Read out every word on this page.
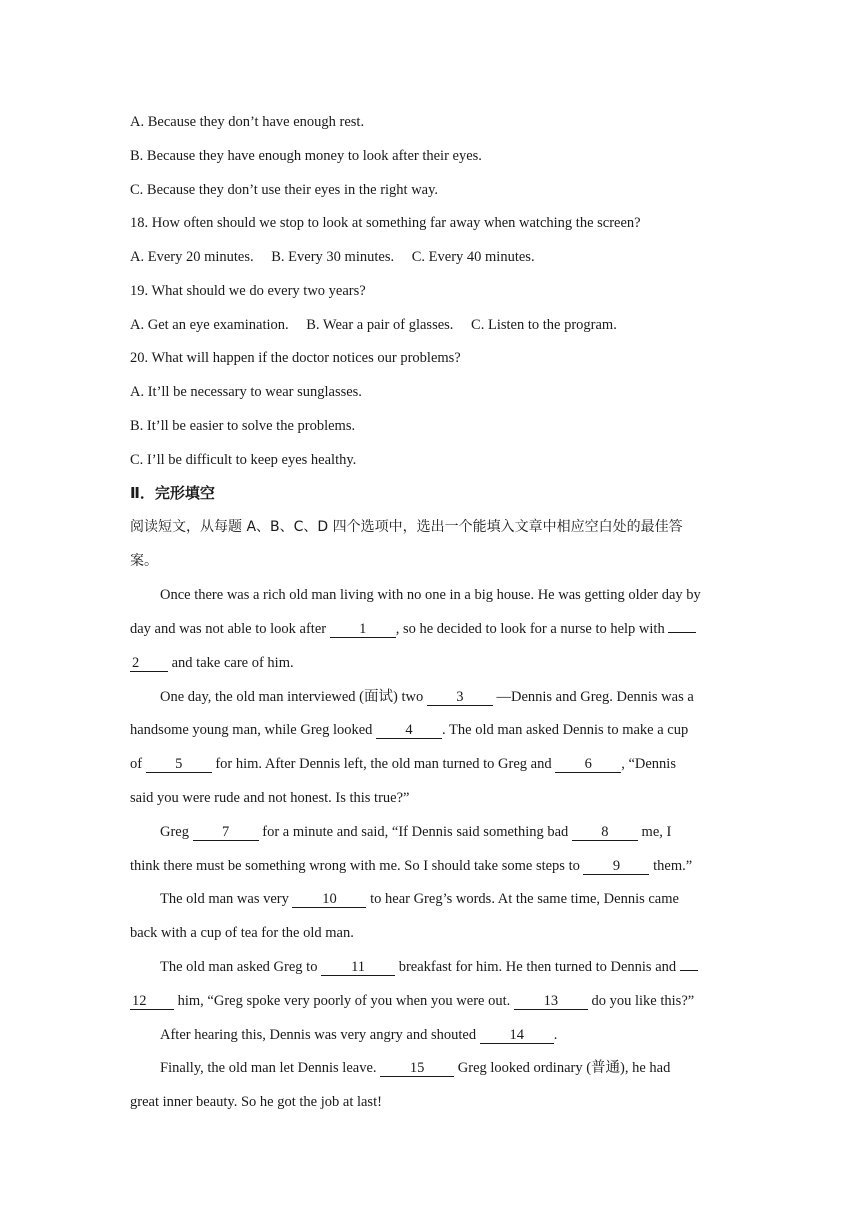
A. Because they don’t have enough rest.
B. Because they have enough money to look after their eyes.
C. Because they don’t use their eyes in the right way.
18. How often should we stop to look at something far away when watching the screen?
A. Every 20 minutes. B. Every 30 minutes. C. Every 40 minutes.
19. What should we do every two years?
A. Get an eye examination. B. Wear a pair of glasses. C. Listen to the program.
20. What will happen if the doctor notices our problems?
A. It’ll be necessary to wear sunglasses.
B. It’ll be easier to solve the problems.
C. I’ll be difficult to keep eyes healthy.
Ⅱ．完形填空
阅读短文，从每题 A、B、C、D 四个选项中，选出一个能填入文章中相应空白处的最佳答
案。
Once there was a rich old man living with no one in a big house. He was getting older day by
day and was not able to look after 1 , so he decided to look for a nurse to help with
2 and take care of him.
One day, the old man interviewed (面试) two 3 —Dennis and Greg. Dennis was a
handsome young man, while Greg looked 4 . The old man asked Dennis to make a cup
of 5 for him. After Dennis left, the old man turned to Greg and 6 , “Dennis
said you were rude and not honest. Is this true?”
Greg 7 for a minute and said, “If Dennis said something bad 8 me, I
think there must be something wrong with me. So I should take some steps to 9 them.”
The old man was very 10 to hear Greg’s words. At the same time, Dennis came
back with a cup of tea for the old man.
The old man asked Greg to 11 breakfast for him. He then turned to Dennis and
12 him, “Greg spoke very poorly of you when you were out. 13 do you like this?”
After hearing this, Dennis was very angry and shouted 14 .
Finally, the old man let Dennis leave. 15 Greg looked ordinary (普通), he had
great inner beauty. So he got the job at last!
